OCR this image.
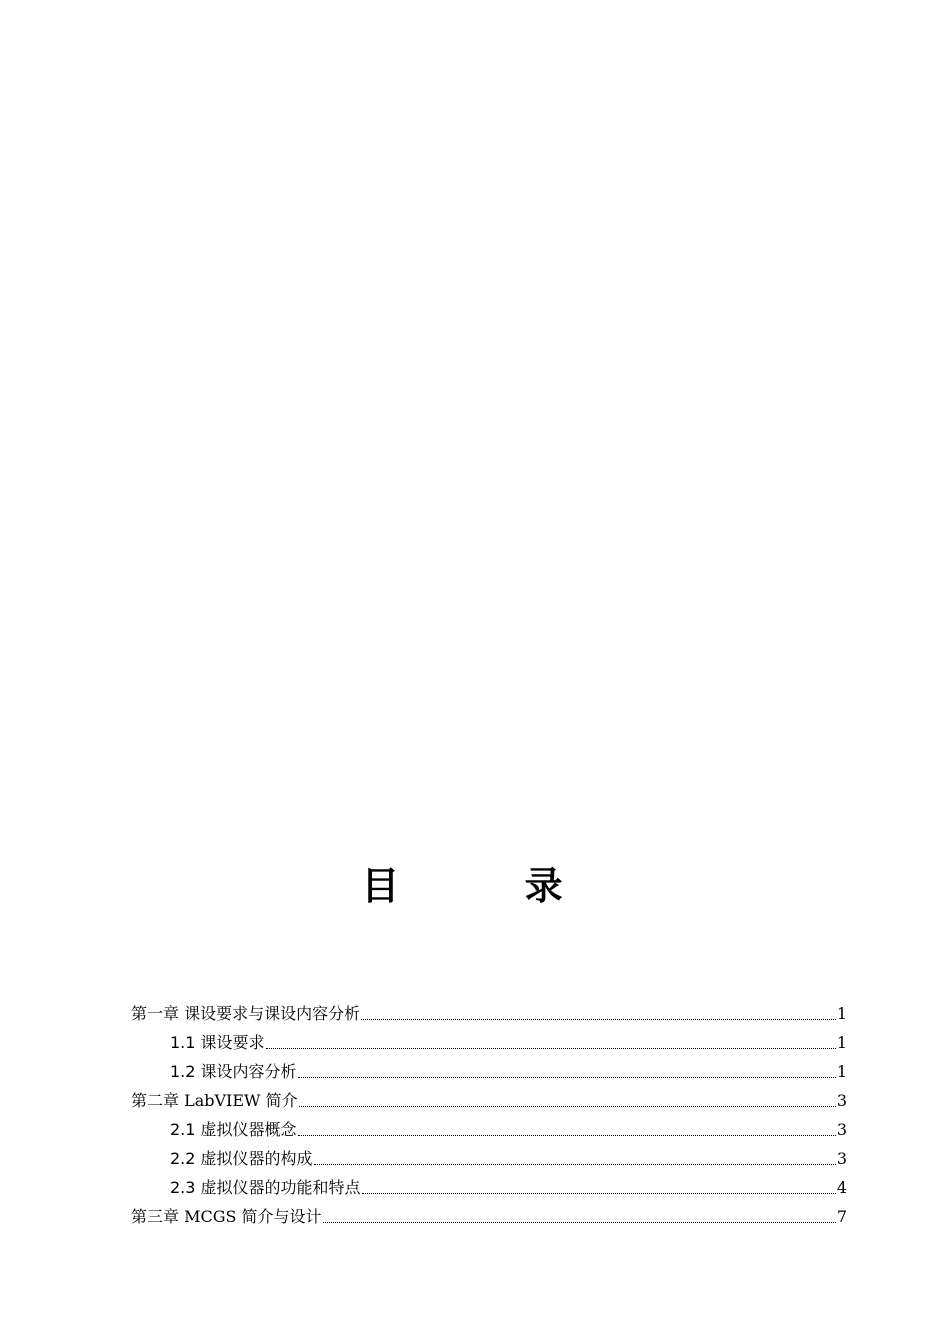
目 录
第一章 课设要求与课设内容分析	1
1.1 课设要求	1
1.2 课设内容分析	1
第二章 LabVIEW 简介	3
2.1 虚拟仪器概念	3
2.2 虚拟仪器的构成	3
2.3 虚拟仪器的功能和特点	4
第三章 MCGS 简介与设计	7
